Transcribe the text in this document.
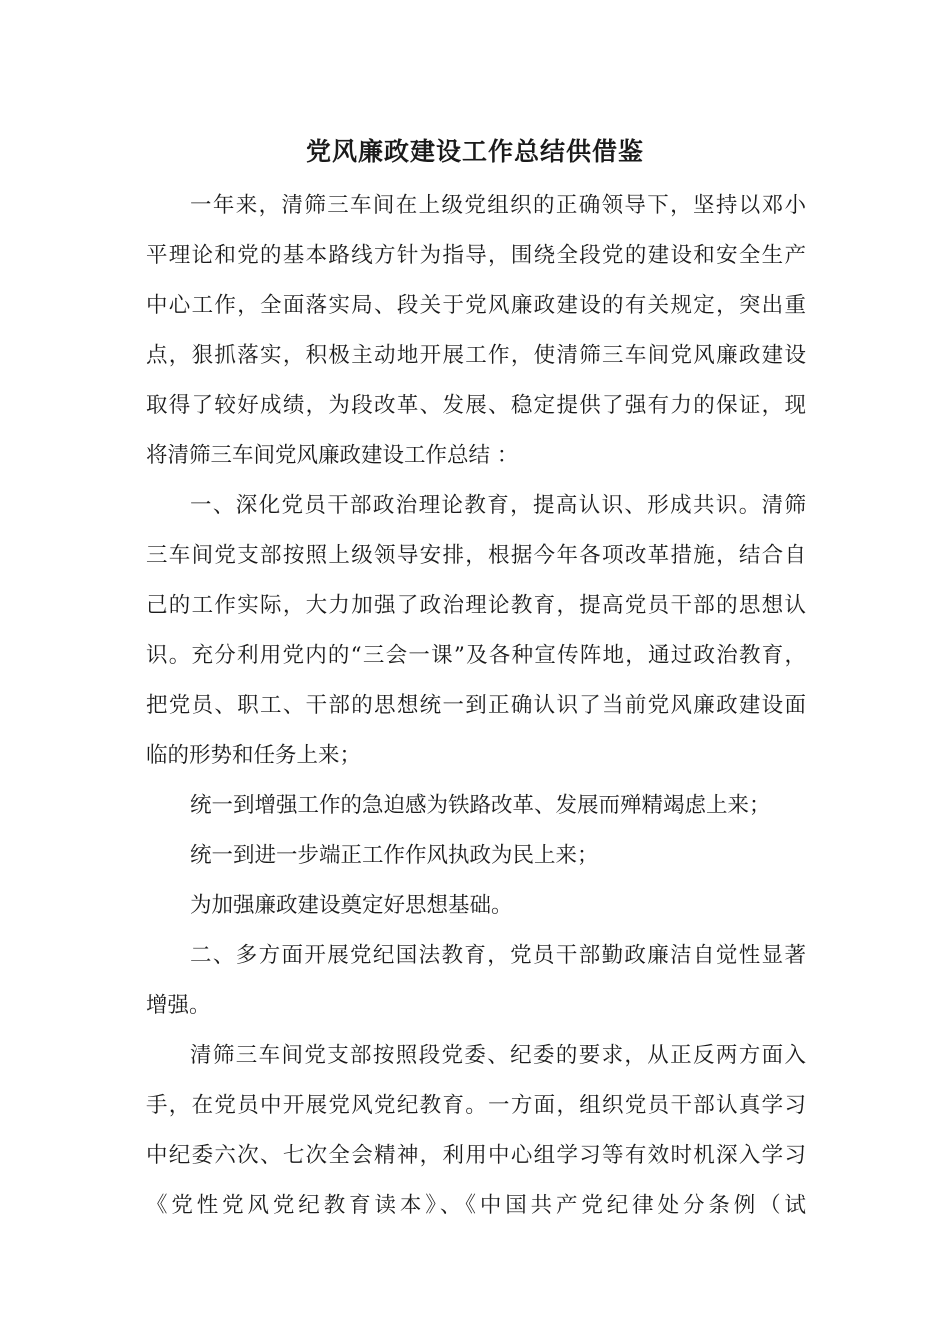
党风廉政建设工作总结供借鉴
一年来，清筛三车间在上级党组织的正确领导下，坚持以邓小
平理论和党的基本路线方针为指导，围绕全段党的建设和安全生产
中心工作，全面落实局、段关于党风廉政建设的有关规定，突出重
点，狠抓落实，积极主动地开展工作，使清筛三车间党风廉政建设
取得了较好成绩，为段改革、发展、稳定提供了强有力的保证，现
将清筛三车间党风廉政建设工作总结 ：
一、深化党员干部政治理论教育，提高认识、形成共识。清筛
三车间党支部按照上级领导安排，根据今年各项改革措施，结合自
己的工作实际，大力加强了政治理论教育，提高党员干部的思想认
识。充分利用党内的“三会一课”及各种宣传阵地，通过政治教育，
把党员、职工、干部的思想统一到正确认识了当前党风廉政建设面
临的形势和任务上来；
统一到增强工作的急迫感为铁路改革、发展而殚精竭虑上来；
统一到进一步端正工作作风执政为民上来；
为加强廉政建设奠定好思想基础。
二、多方面开展党纪国法教育，党员干部勤政廉洁自觉性显著
增强。
清筛三车间党支部按照段党委、纪委的要求，从正反两方面入
手，在党员中开展党风党纪教育。一方面，组织党员干部认真学习
中纪委六次、七次全会精神，利用中心组学习等有效时机深入学习
《党性党风党纪教育读本》、《中国共产党纪律处分条例（试
